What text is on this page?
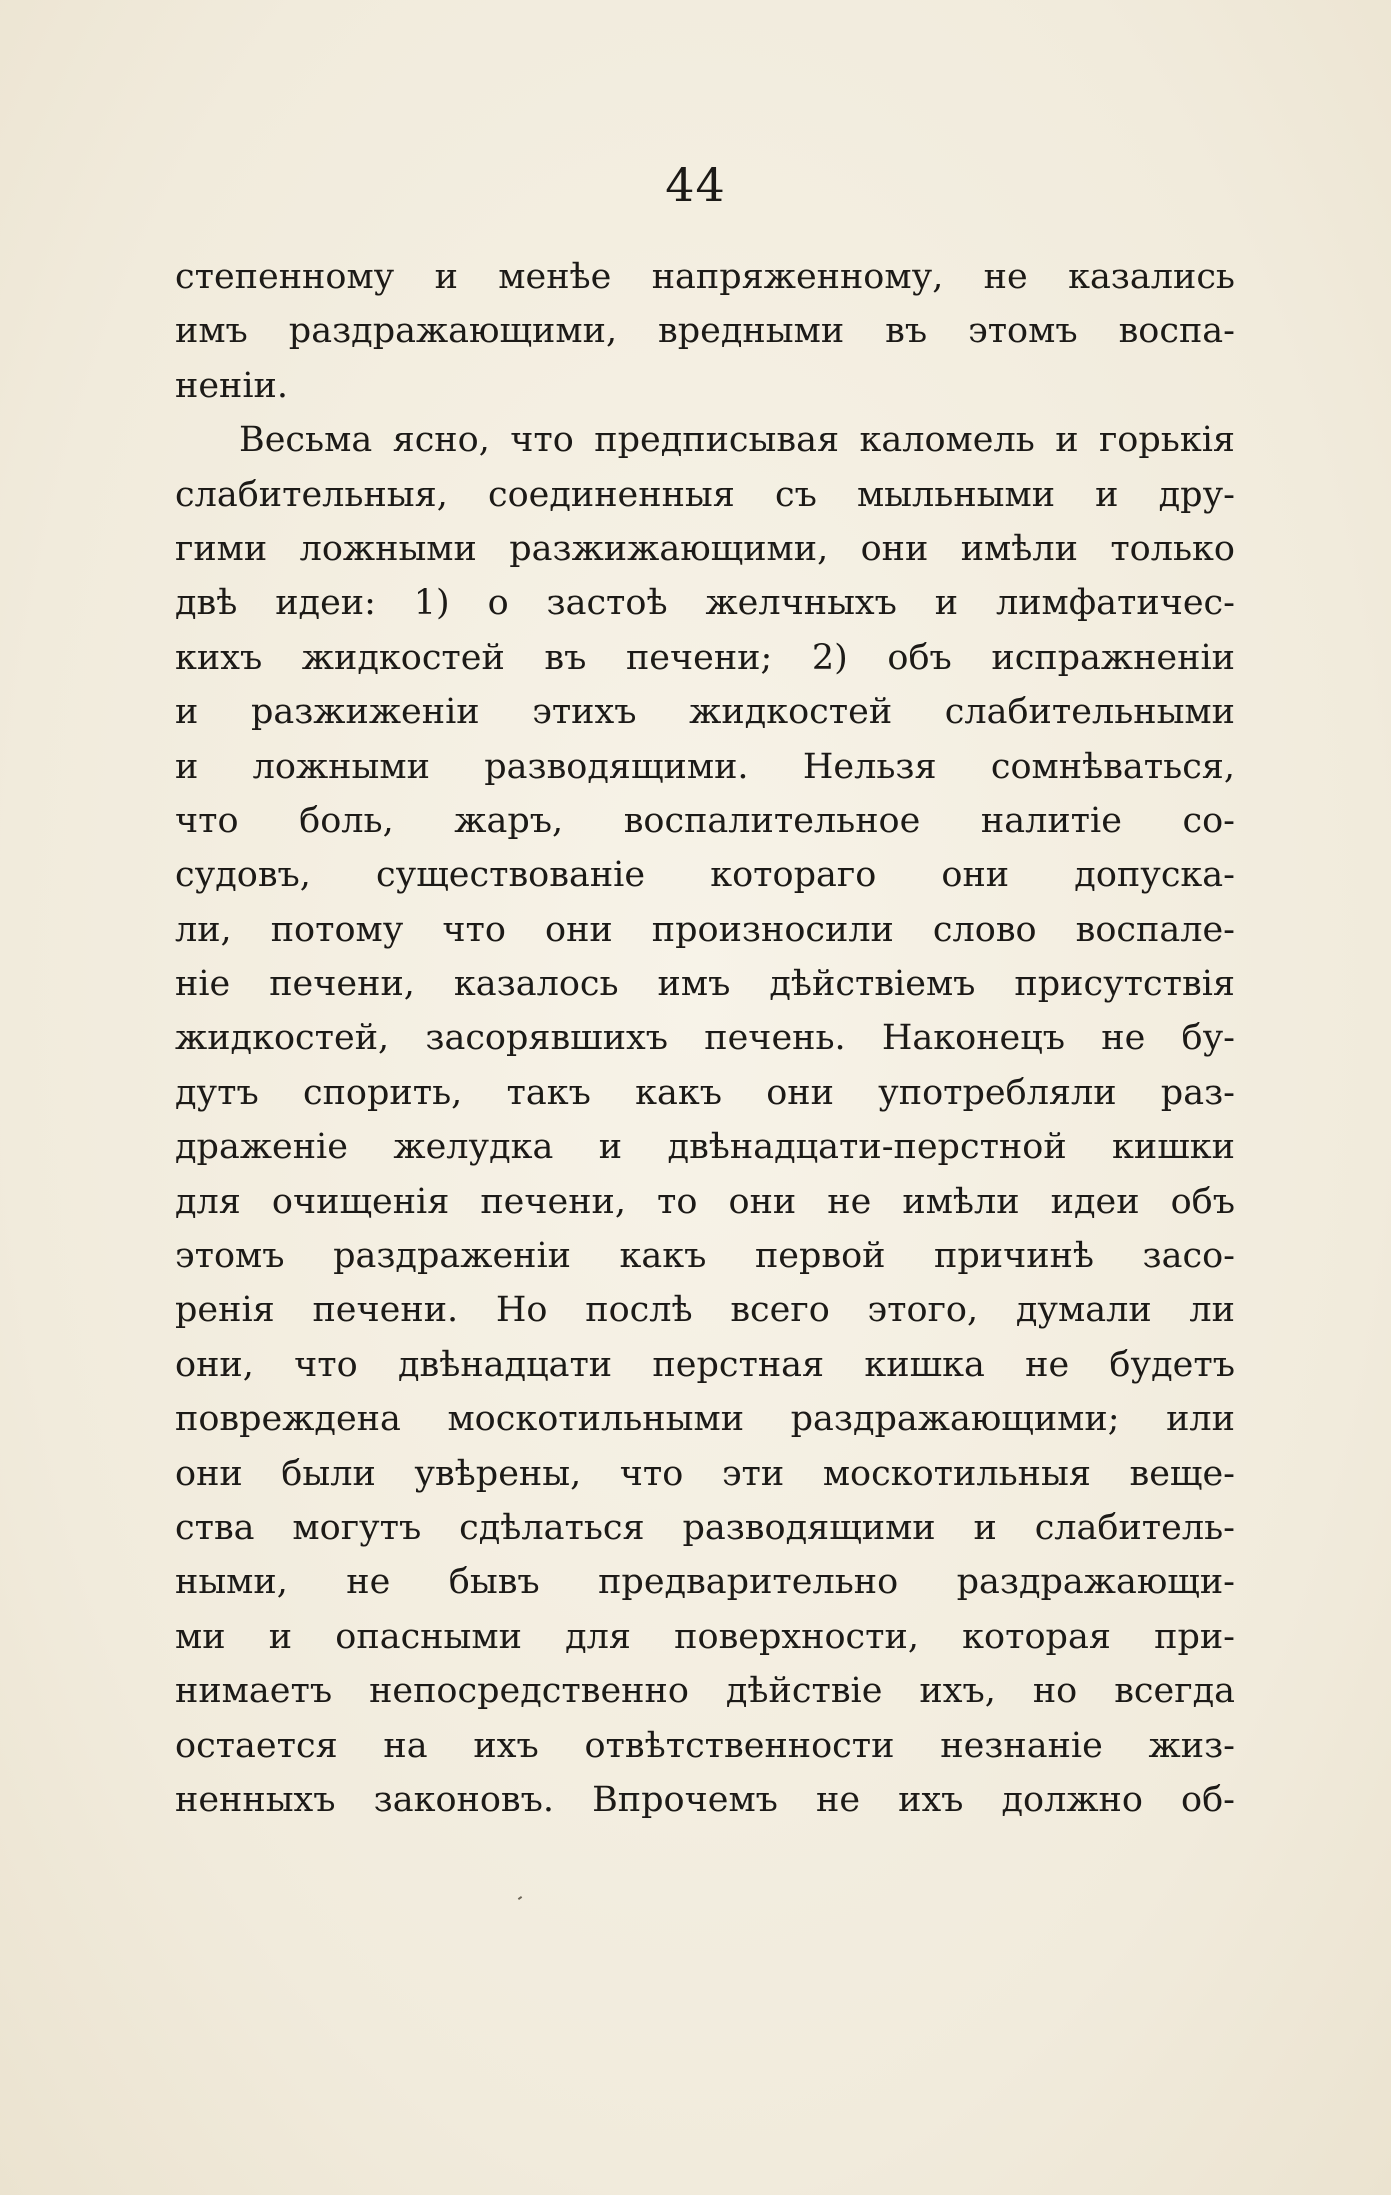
44
степенному и менѣе напряженному, не казались
имъ раздражающими, вредными въ этомъ воспа-
неніи.
Весьма ясно, что предписывая каломель и горькія
слабительныя, соединенныя съ мыльными и дру-
гими ложными разжижающими, они имѣли только
двѣ идеи: 1) о застоѣ желчныхъ и лимфатичес-
кихъ жидкостей въ печени; 2) объ испражненіи
и разжиженіи этихъ жидкостей слабительными
и ложными разводящими. Нельзя сомнѣваться,
что боль, жаръ, воспалительное налитіе со-
судовъ, существованіе котораго они допуска-
ли, потому что они произносили слово воспале-
ніе печени, казалось имъ дѣйствіемъ присутствія
жидкостей, засорявшихъ печень. Наконецъ не бу-
дутъ спорить, такъ какъ они употребляли раз-
драженіе желудка и двѣнадцати-перстной кишки
для очищенія печени, то они не имѣли идеи объ
этомъ раздраженіи какъ первой причинѣ засо-
ренія печени. Но послѣ всего этого, думали ли
они, что двѣнадцати перстная кишка не будетъ
повреждена москотильными раздражающими; или
они были увѣрены, что эти москотильныя веще-
ства могутъ сдѣлаться разводящими и слабитель-
ными, не бывъ предварительно раздражающи-
ми и опасными для поверхности, которая при-
нимаетъ непосредственно дѣйствіе ихъ, но всегда
остается на ихъ отвѣтственности незнаніе жиз-
ненныхъ законовъ. Впрочемъ не ихъ должно об-
